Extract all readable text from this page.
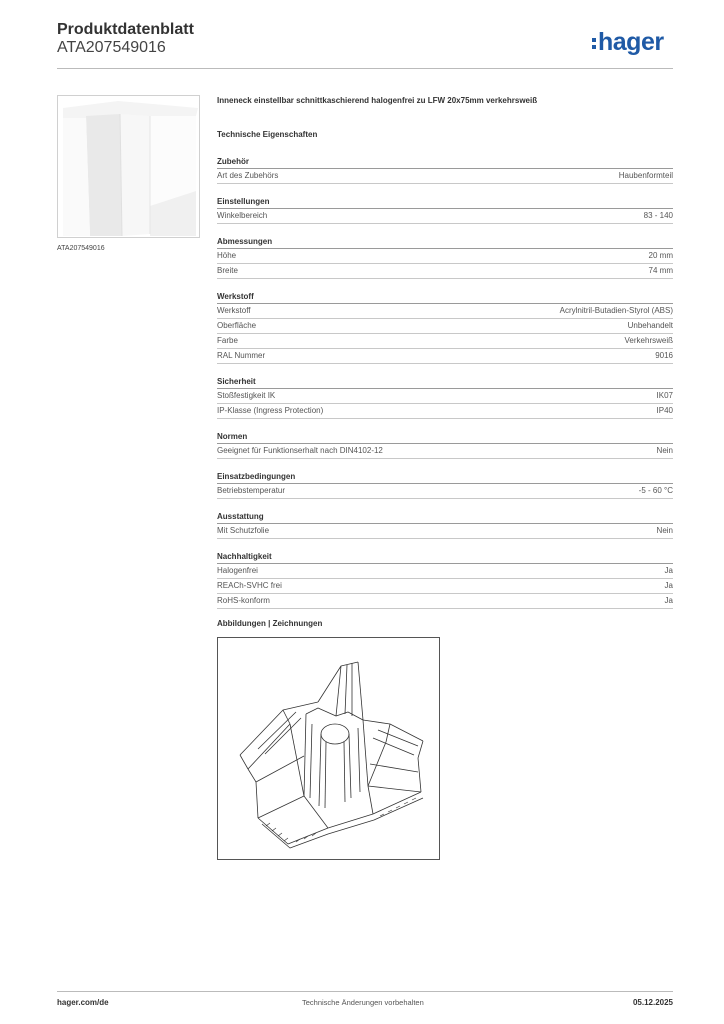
Produktdatenblatt
ATA207549016	hager
ATA207549016
Inneneck einstellbar schnittkaschierend halogenfrei zu LFW 20x75mm verkehrsweiß
Technische Eigenschaften
Zubehör
Art des Zubehörs	Haubenformteil
Einstellungen
Winkelbereich	83 - 140
Abmessungen
Höhe	20 mm
Breite	74 mm
Werkstoff
Werkstoff	Acrylnitril-Butadien-Styrol (ABS)
Oberfläche	Unbehandelt
Farbe	Verkehrsweiß
RAL Nummer	9016
Sicherheit
Stoßfestigkeit IK	IK07
IP-Klasse (Ingress Protection)	IP40
Normen
Geeignet für Funktionserhalt nach DIN4102-12	Nein
Einsatzbedingungen
Betriebstemperatur	-5 - 60 °C
Ausstattung
Mit Schutzfolie	Nein
Nachhaltigkeit
Halogenfrei	Ja
REACh-SVHC frei	Ja
RoHS-konform	Ja
Abbildungen | Zeichnungen
hager.com/de	Technische Änderungen vorbehalten	05.12.2025
